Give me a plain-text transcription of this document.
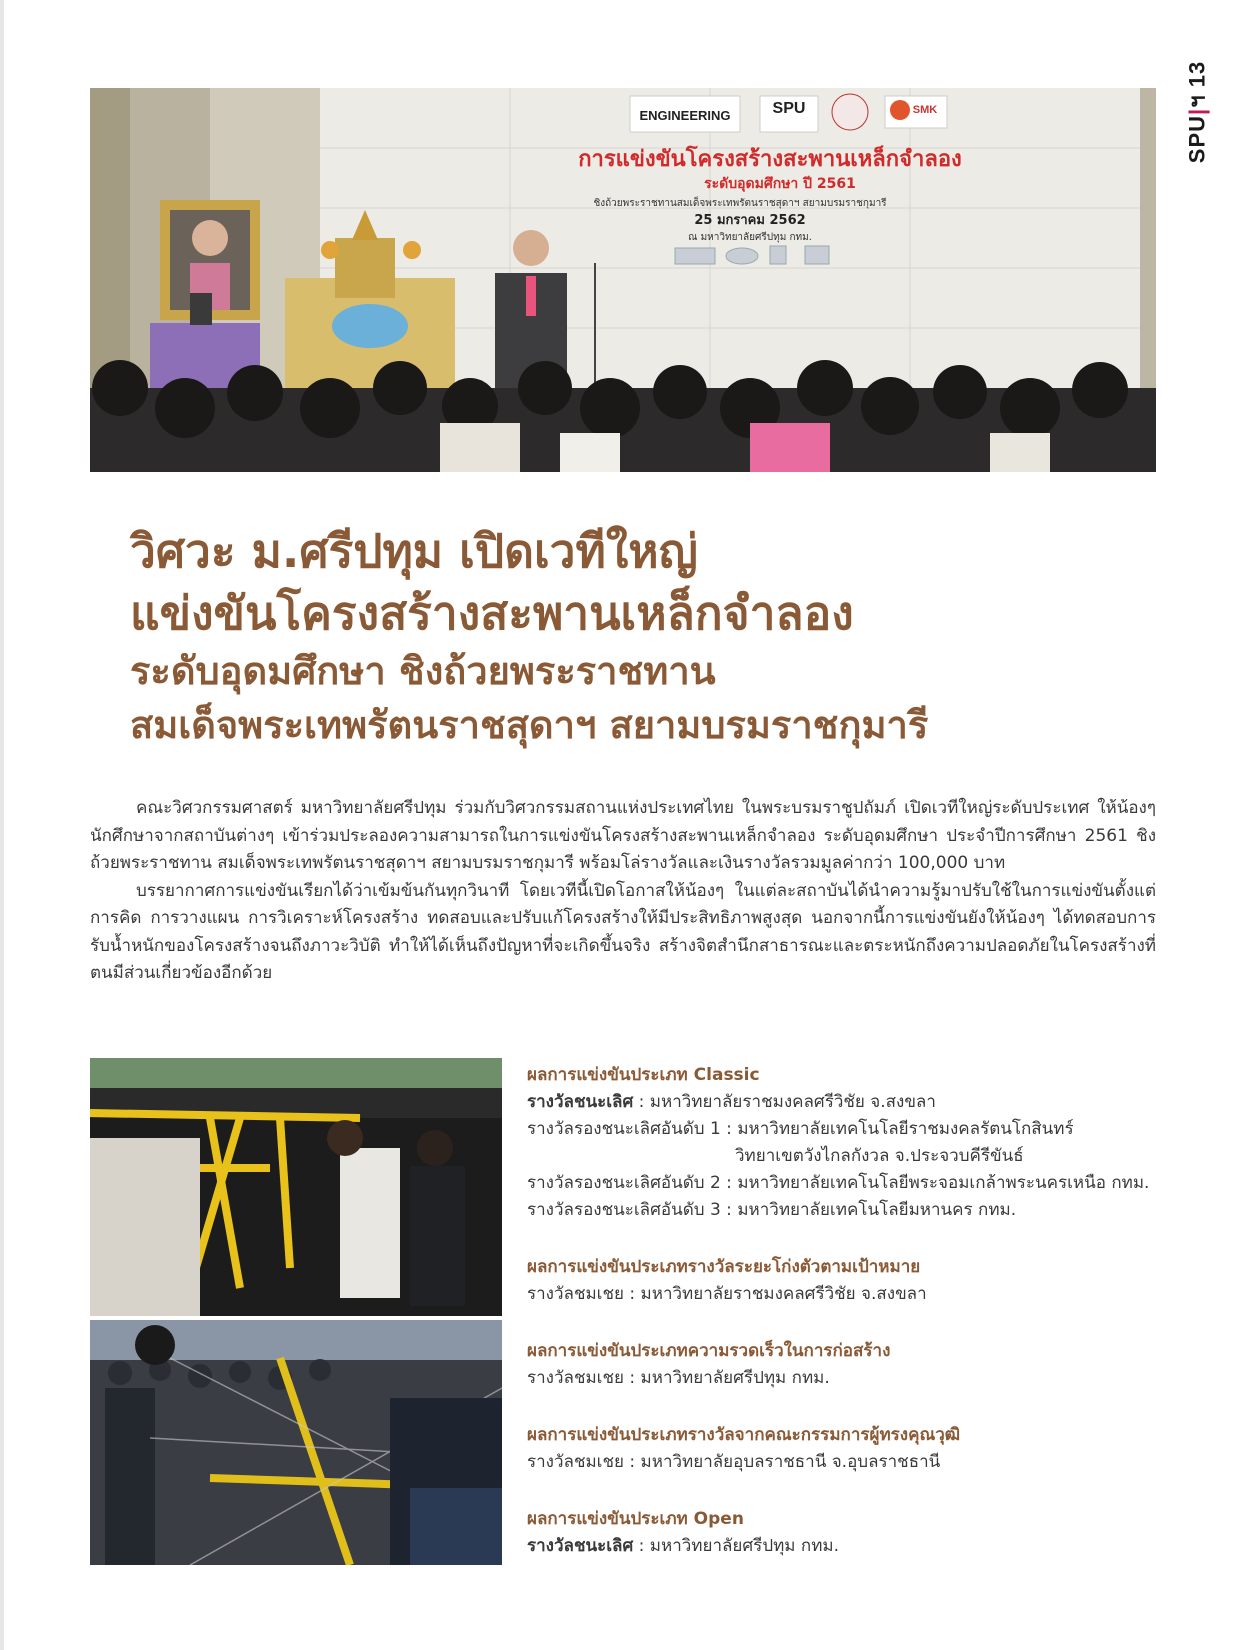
SPU|ฯ 13
ENGINEERING	SPU	SMK
การแข่งขันโครงสร้างสะพานเหล็กจำลอง
ระดับอุดมศึกษา ปี 2561
ชิงถ้วยพระราชทานสมเด็จพระเทพรัตนราชสุดาฯ สยามบรมราชกุมารี
25 มกราคม 2562
ณ มหาวิทยาลัยศรีปทุม กทม.
วิศวะ ม.ศรีปทุม เปิดเวทีใหญ่
แข่งขันโครงสร้างสะพานเหล็กจำลอง
ระดับอุดมศึกษา ชิงถ้วยพระราชทาน
สมเด็จพระเทพรัตนราชสุดาฯ สยามบรมราชกุมารี

คณะวิศวกรรมศาสตร์ มหาวิทยาลัยศรีปทุม ร่วมกับวิศวกรรมสถานแห่งประเทศไทย ในพระบรมราชูปถัมภ์ เปิดเวทีใหญ่ระดับประเทศ ให้น้องๆ นักศึกษาจากสถาบันต่างๆ เข้าร่วมประลองความสามารถในการแข่งขันโครงสร้างสะพานเหล็กจำลอง ระดับอุดมศึกษา ประจำปีการศึกษา 2561 ชิงถ้วยพระราชทาน สมเด็จพระเทพรัตนราชสุดาฯ สยามบรมราชกุมารี พร้อมโล่รางวัลและเงินรางวัลรวมมูลค่ากว่า 100,000 บาท

บรรยากาศการแข่งขันเรียกได้ว่าเข้มข้นกันทุกวินาที โดยเวทีนี้เปิดโอกาสให้น้องๆ ในแต่ละสถาบันได้นำความรู้มาปรับใช้ในการแข่งขันตั้งแต่การคิด การวางแผน การวิเคราะห์โครงสร้าง ทดสอบและปรับแก้โครงสร้างให้มีประสิทธิภาพสูงสุด นอกจากนี้การแข่งขันยังให้น้องๆ ได้ทดสอบการรับน้ำหนักของโครงสร้างจนถึงภาวะวิบัติ ทำให้ได้เห็นถึงปัญหาที่จะเกิดขึ้นจริง สร้างจิตสำนึกสาธารณะและตระหนักถึงความปลอดภัยในโครงสร้างที่ตนมีส่วนเกี่ยวข้องอีกด้วย

ผลการแข่งขันประเภท Classic
รางวัลชนะเลิศ : มหาวิทยาลัยราชมงคลศรีวิชัย จ.สงขลา
รางวัลรองชนะเลิศอันดับ 1 : มหาวิทยาลัยเทคโนโลยีราชมงคลรัตนโกสินทร์
วิทยาเขตวังไกลกังวล จ.ประจวบคีรีขันธ์
รางวัลรองชนะเลิศอันดับ 2 : มหาวิทยาลัยเทคโนโลยีพระจอมเกล้าพระนครเหนือ กทม.
รางวัลรองชนะเลิศอันดับ 3 : มหาวิทยาลัยเทคโนโลยีมหานคร กทม.
ผลการแข่งขันประเภทรางวัลระยะโก่งตัวตามเป้าหมาย
รางวัลชมเชย : มหาวิทยาลัยราชมงคลศรีวิชัย จ.สงขลา
ผลการแข่งขันประเภทความรวดเร็วในการก่อสร้าง
รางวัลชมเชย : มหาวิทยาลัยศรีปทุม กทม.
ผลการแข่งขันประเภทรางวัลจากคณะกรรมการผู้ทรงคุณวุฒิ
รางวัลชมเชย : มหาวิทยาลัยอุบลราชธานี จ.อุบลราชธานี
ผลการแข่งขันประเภท Open
รางวัลชนะเลิศ : มหาวิทยาลัยศรีปทุม กทม.
